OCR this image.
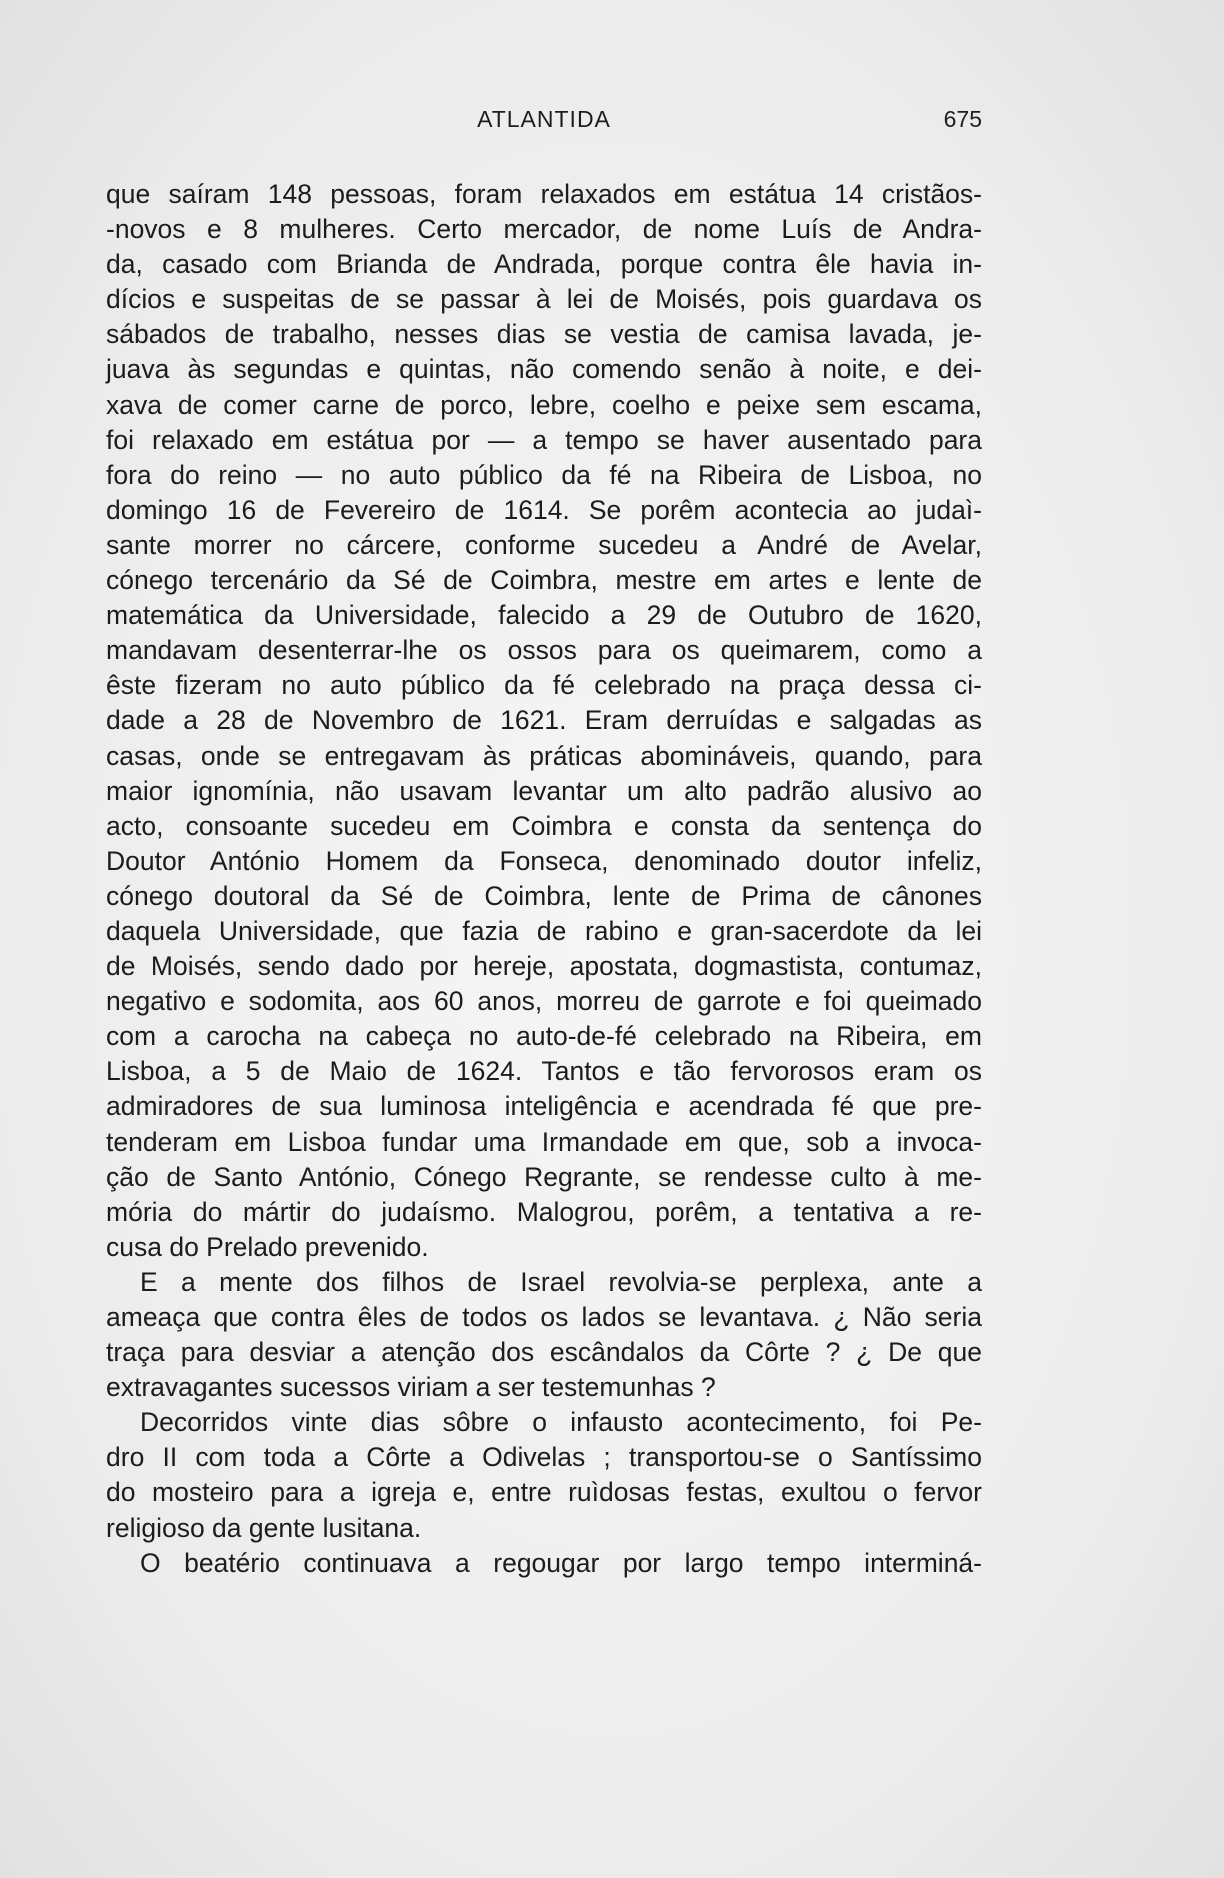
ATLANTIDA	675
que saíram 148 pessoas, foram relaxados em estátua 14 cristãos-
-novos e 8 mulheres. Certo mercador, de nome Luís de Andra-
da, casado com Brianda de Andrada, porque contra êle havia in-
dícios e suspeitas de se passar à lei de Moisés, pois guardava os
sábados de trabalho, nesses dias se vestia de camisa lavada, je-
juava às segundas e quintas, não comendo senão à noite, e dei-
xava de comer carne de porco, lebre, coelho e peixe sem escama,
foi relaxado em estátua por — a tempo se haver ausentado para
fora do reino — no auto público da fé na Ribeira de Lisboa, no
domingo 16 de Fevereiro de 1614. Se porêm acontecia ao judaì-
sante morrer no cárcere, conforme sucedeu a André de Avelar,
cónego tercenário da Sé de Coimbra, mestre em artes e lente de
matemática da Universidade, falecido a 29 de Outubro de 1620,
mandavam desenterrar-lhe os ossos para os queimarem, como a
êste fizeram no auto público da fé celebrado na praça dessa ci-
dade a 28 de Novembro de 1621. Eram derruídas e salgadas as
casas, onde se entregavam às práticas abomináveis, quando, para
maior ignomínia, não usavam levantar um alto padrão alusivo ao
acto, consoante sucedeu em Coimbra e consta da sentença do
Doutor António Homem da Fonseca, denominado doutor infeliz,
cónego doutoral da Sé de Coimbra, lente de Prima de cânones
daquela Universidade, que fazia de rabino e gran-sacerdote da lei
de Moisés, sendo dado por hereje, apostata, dogmastista, contumaz,
negativo e sodomita, aos 60 anos, morreu de garrote e foi queimado
com a carocha na cabeça no auto-de-fé celebrado na Ribeira, em
Lisboa, a 5 de Maio de 1624. Tantos e tão fervorosos eram os
admiradores de sua luminosa inteligência e acendrada fé que pre-
tenderam em Lisboa fundar uma Irmandade em que, sob a invoca-
ção de Santo António, Cónego Regrante, se rendesse culto à me-
mória do mártir do judaísmo. Malogrou, porêm, a tentativa a re-
cusa do Prelado prevenido.
E a mente dos filhos de Israel revolvia-se perplexa, ante a
ameaça que contra êles de todos os lados se levantava. ¿ Não seria
traça para desviar a atenção dos escândalos da Côrte ? ¿ De que
extravagantes sucessos viriam a ser testemunhas ?
Decorridos vinte dias sôbre o infausto acontecimento, foi Pe-
dro II com toda a Côrte a Odivelas ; transportou-se o Santíssimo
do mosteiro para a igreja e, entre ruìdosas festas, exultou o fervor
religioso da gente lusitana.
O beatério continuava a regougar por largo tempo interminá-
